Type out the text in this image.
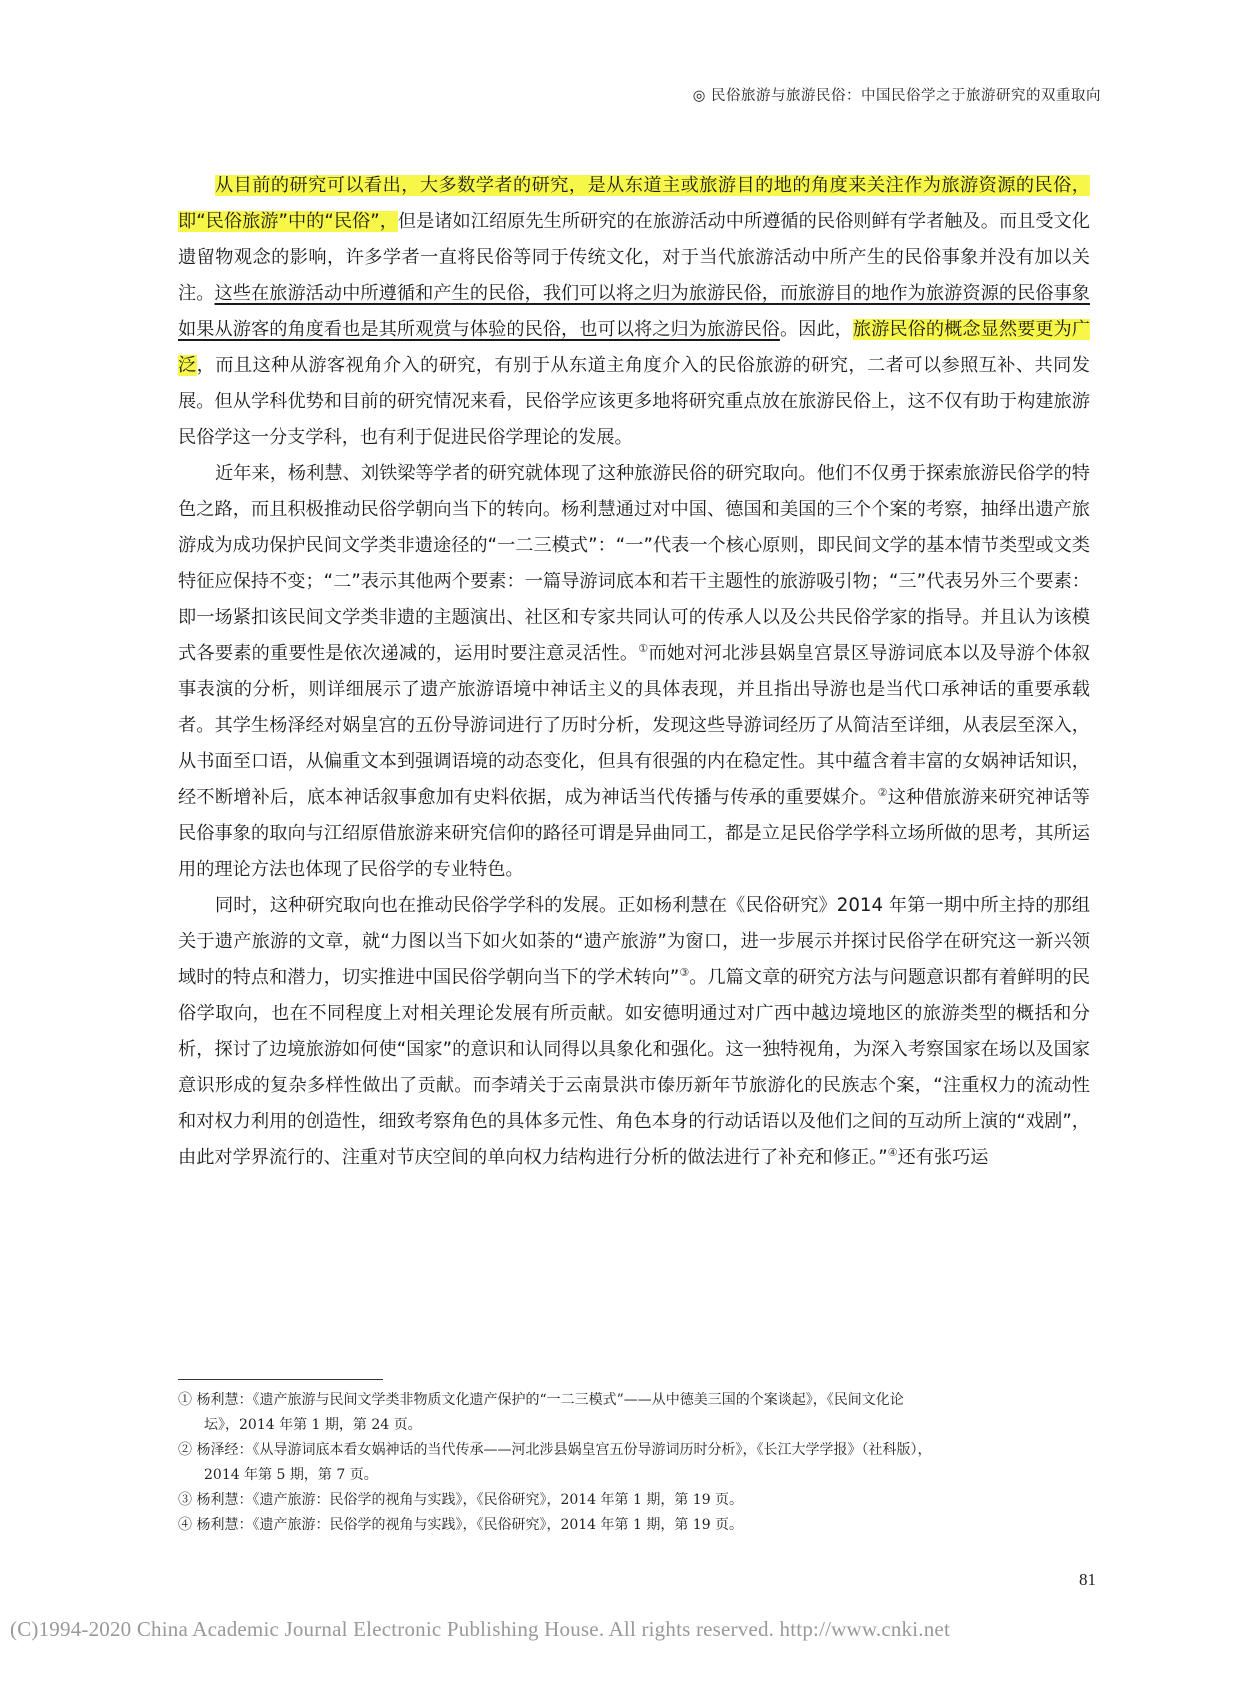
◎ 民俗旅游与旅游民俗：中国民俗学之于旅游研究的双重取向

从目前的研究可以看出，大多数学者的研究，是从东道主或旅游目的地的角度来关注作为旅游资源的民俗，即“民俗旅游”中的“民俗”，但是诸如江绍原先生所研究的在旅游活动中所遵循的民俗则鲜有学者触及。而且受文化遗留物观念的影响，许多学者一直将民俗等同于传统文化，对于当代旅游活动中所产生的民俗事象并没有加以关注。这些在旅游活动中所遵循和产生的民俗，我们可以将之归为旅游民俗，而旅游目的地作为旅游资源的民俗事象如果从游客的角度看也是其所观赏与体验的民俗，也可以将之归为旅游民俗。因此，旅游民俗的概念显然要更为广泛，而且这种从游客视角介入的研究，有别于从东道主角度介入的民俗旅游的研究，二者可以参照互补、共同发展。但从学科优势和目前的研究情况来看，民俗学应该更多地将研究重点放在旅游民俗上，这不仅有助于构建旅游民俗学这一分支学科，也有利于促进民俗学理论的发展。

近年来，杨利慧、刘铁梁等学者的研究就体现了这种旅游民俗的研究取向。他们不仅勇于探索旅游民俗学的特色之路，而且积极推动民俗学朝向当下的转向。杨利慧通过对中国、德国和美国的三个个案的考察，抽绎出遗产旅游成为成功保护民间文学类非遗途径的“一二三模式”：“一”代表一个核心原则，即民间文学的基本情节类型或文类特征应保持不变；“二”表示其他两个要素：一篇导游词底本和若干主题性的旅游吸引物；“三”代表另外三个要素：即一场紧扣该民间文学类非遗的主题演出、社区和专家共同认可的传承人以及公共民俗学家的指导。并且认为该模式各要素的重要性是依次递减的，运用时要注意灵活性。①而她对河北涉县娲皇宫景区导游词底本以及导游个体叙事表演的分析，则详细展示了遗产旅游语境中神话主义的具体表现，并且指出导游也是当代口承神话的重要承载者。其学生杨泽经对娲皇宫的五份导游词进行了历时分析，发现这些导游词经历了从简洁至详细，从表层至深入，从书面至口语，从偏重文本到强调语境的动态变化，但具有很强的内在稳定性。其中蕴含着丰富的女娲神话知识，经不断增补后，底本神话叙事愈加有史料依据，成为神话当代传播与传承的重要媒介。②这种借旅游来研究神话等民俗事象的取向与江绍原借旅游来研究信仰的路径可谓是异曲同工，都是立足民俗学学科立场所做的思考，其所运用的理论方法也体现了民俗学的专业特色。

同时，这种研究取向也在推动民俗学学科的发展。正如杨利慧在《民俗研究》2014 年第一期中所主持的那组关于遗产旅游的文章，就“力图以当下如火如荼的“遗产旅游”为窗口，进一步展示并探讨民俗学在研究这一新兴领域时的特点和潜力，切实推进中国民俗学朝向当下的学术转向”③。几篇文章的研究方法与问题意识都有着鲜明的民俗学取向，也在不同程度上对相关理论发展有所贡献。如安德明通过对广西中越边境地区的旅游类型的概括和分析，探讨了边境旅游如何使“国家”的意识和认同得以具象化和强化。这一独特视角，为深入考察国家在场以及国家意识形成的复杂多样性做出了贡献。而李靖关于云南景洪市傣历新年节旅游化的民族志个案，“注重权力的流动性和对权力利用的创造性，细致考察角色的具体多元性、角色本身的行动话语以及他们之间的互动所上演的“戏剧”，由此对学界流行的、注重对节庆空间的单向权力结构进行分析的做法进行了补充和修正。”④还有张巧运

① 杨利慧：《遗产旅游与民间文学类非物质文化遗产保护的“一二三模式”——从中德美三国的个案谈起》，《民间文化论坛》，2014 年第 1 期，第 24 页。
② 杨泽经：《从导游词底本看女娲神话的当代传承——河北涉县娲皇宫五份导游词历时分析》，《长江大学学报》（社科版），2014 年第 5 期，第 7 页。
③ 杨利慧：《遗产旅游：民俗学的视角与实践》，《民俗研究》，2014 年第 1 期，第 19 页。
④ 杨利慧：《遗产旅游：民俗学的视角与实践》，《民俗研究》，2014 年第 1 期，第 19 页。
81
(C)1994-2020 China Academic Journal Electronic Publishing House. All rights reserved. http://www.cnki.net
